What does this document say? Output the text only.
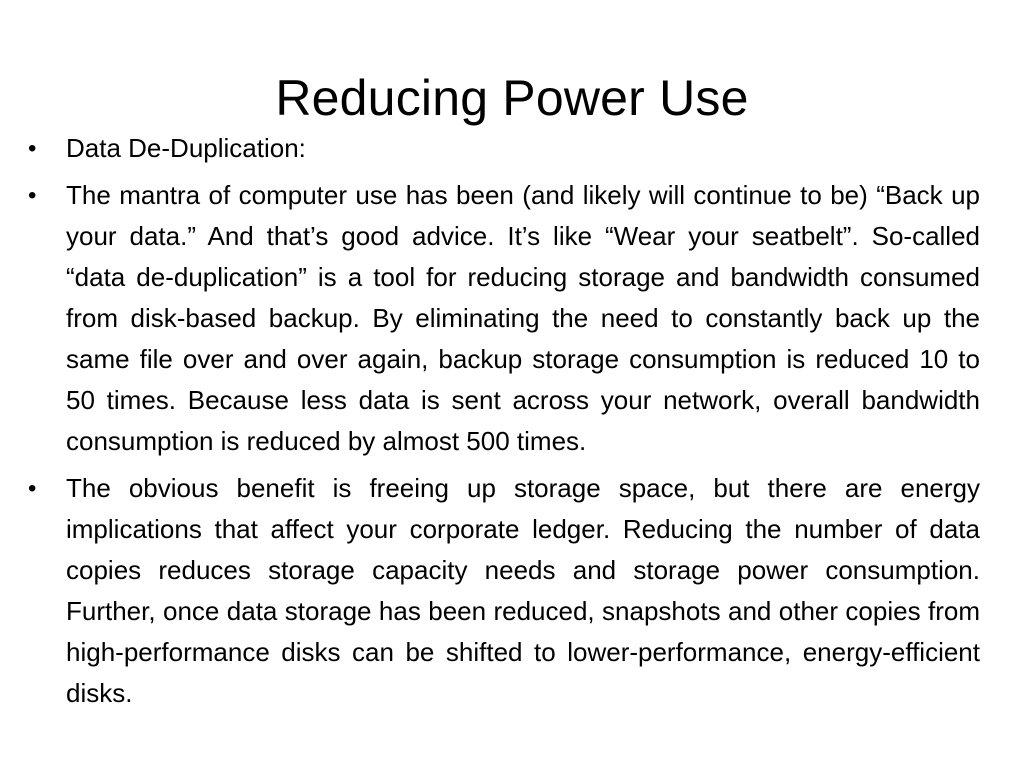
Reducing Power Use
• Data De-Duplication:
• The mantra of computer use has been (and likely will continue to be) “Back up your data.” And that’s good advice. It’s like “Wear your seatbelt”. So-called “data de-duplication” is a tool for reducing storage and bandwidth consumed from disk-based backup. By eliminating the need to constantly back up the same file over and over again, backup storage consumption is reduced 10 to 50 times. Because less data is sent across your network, overall bandwidth consumption is reduced by almost 500 times.
• The obvious benefit is freeing up storage space, but there are energy implications that affect your corporate ledger. Reducing the number of data copies reduces storage capacity needs and storage power consumption. Further, once data storage has been reduced, snapshots and other copies from high-performance disks can be shifted to lower-performance, energy-efficient disks.
